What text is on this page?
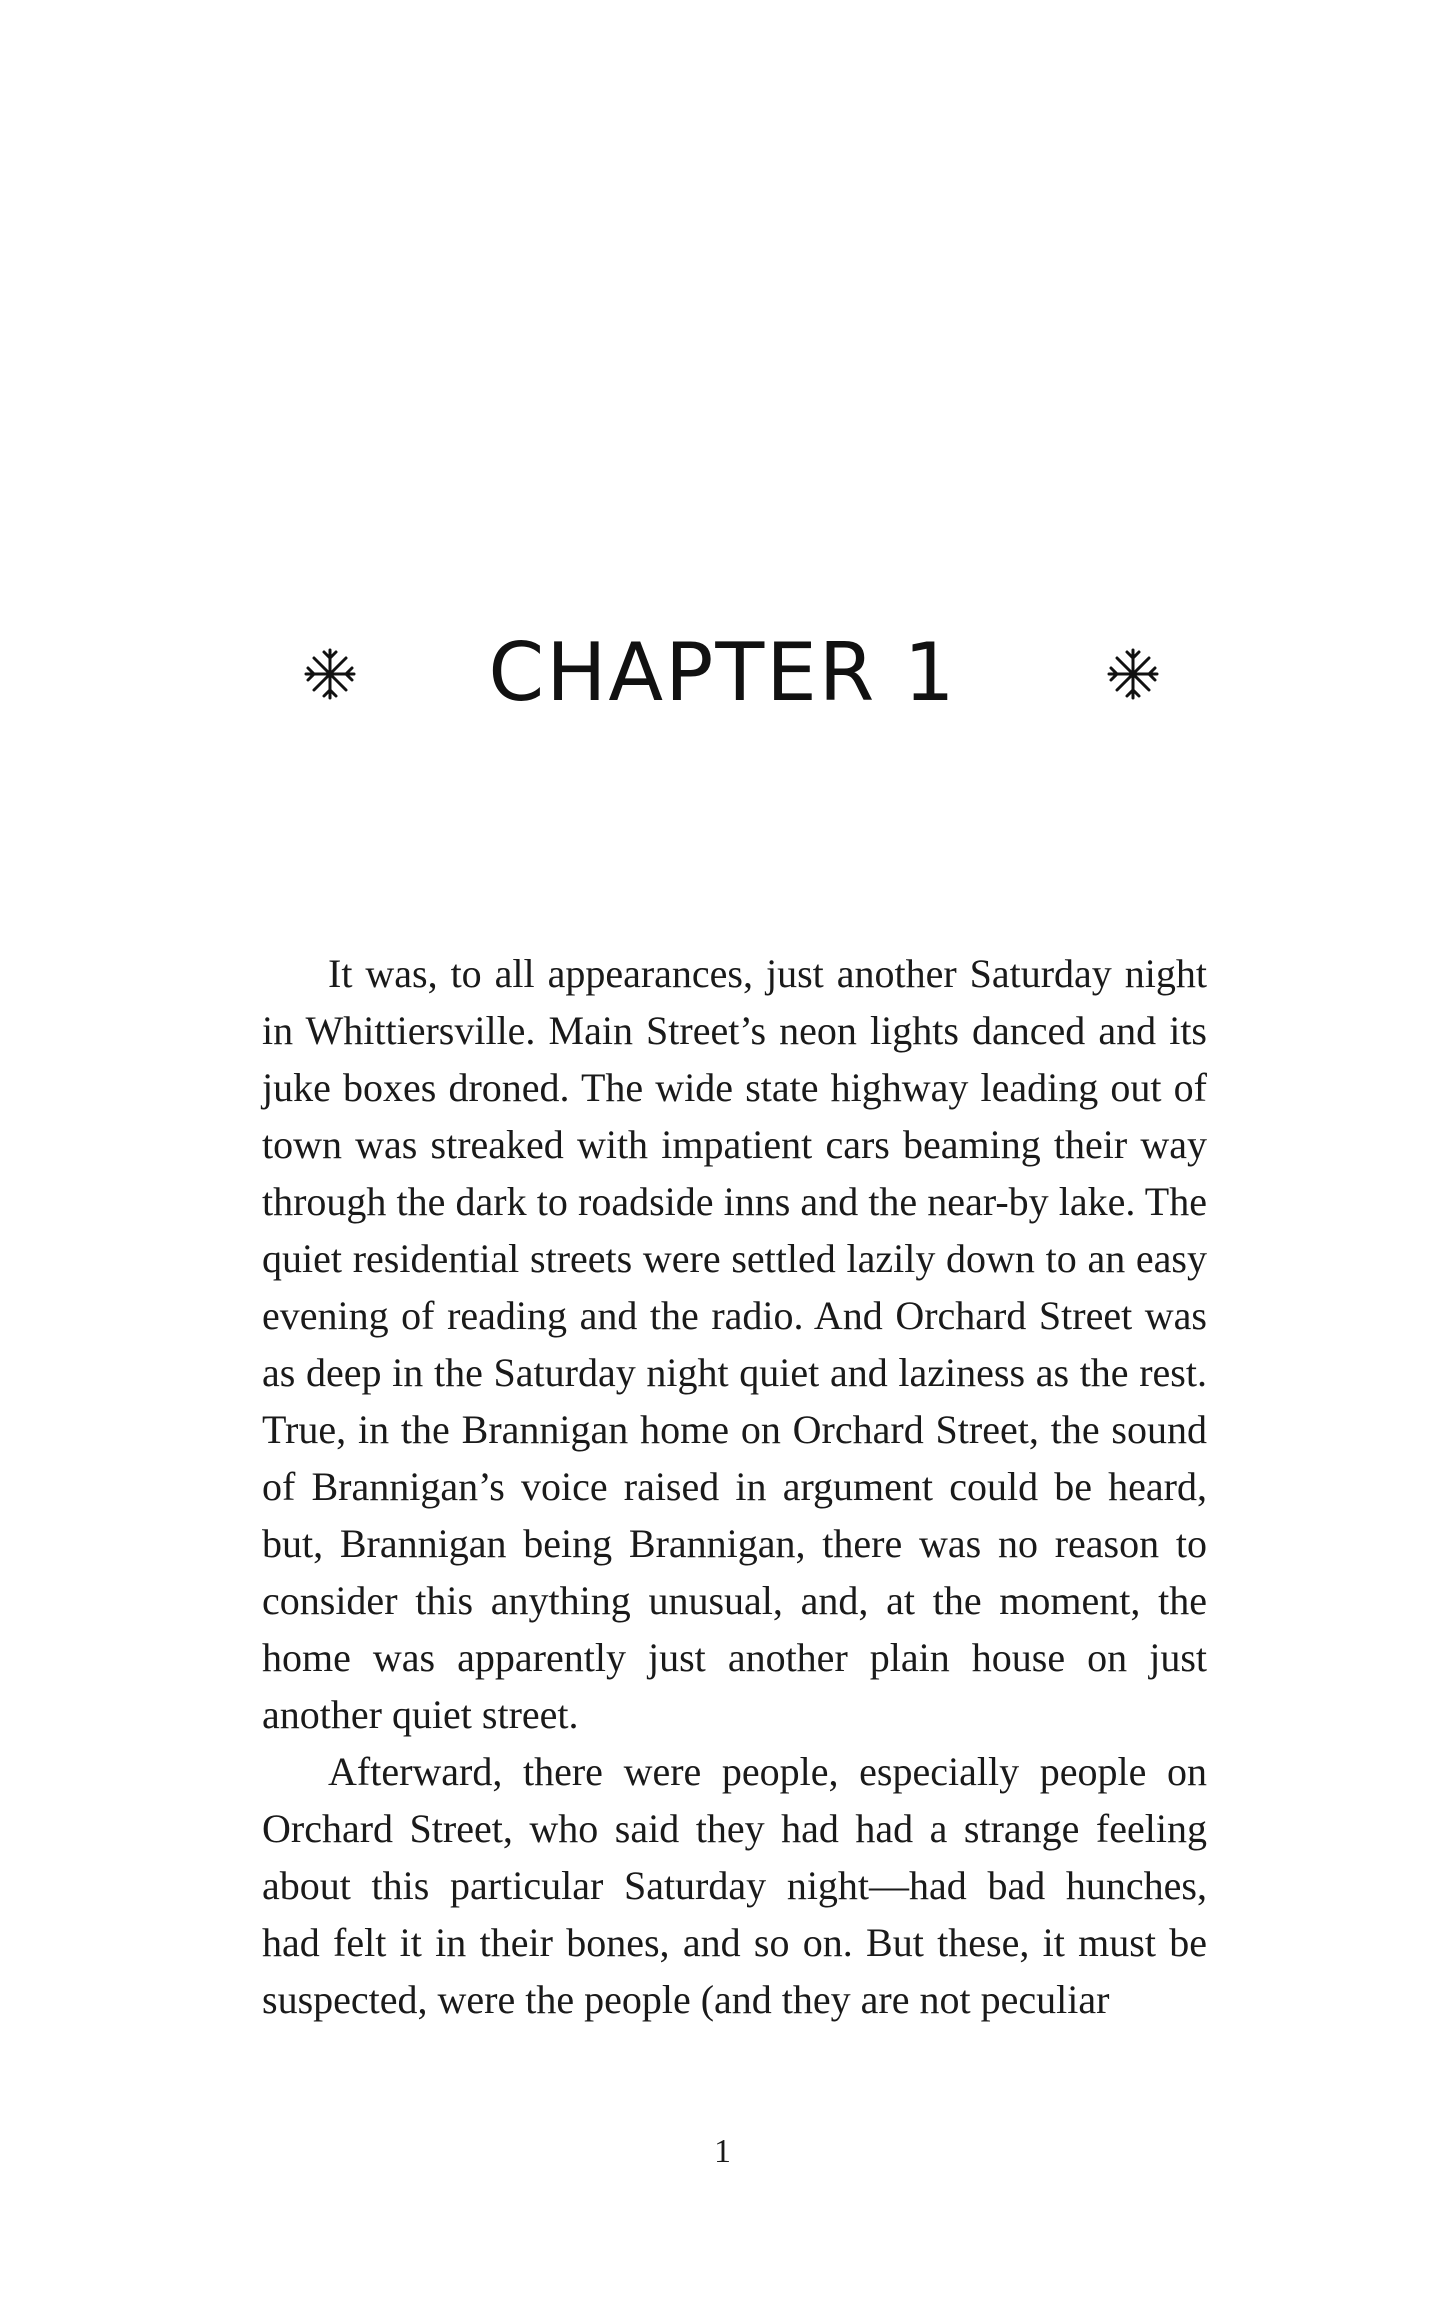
CHAPTER 1

It was, to all appearances, just another Saturday night in Whittiersville. Main Street’s neon lights danced and its juke boxes droned. The wide state highway leading out of town was streaked with impatient cars beaming their way through the dark to roadside inns and the near-by lake. The quiet residential streets were settled lazily down to an easy evening of reading and the radio. And Orchard Street was as deep in the Saturday night quiet and laziness as the rest. True, in the Brannigan home on Orchard Street, the sound of Brannigan’s voice raised in argument could be heard, but, Brannigan being Brannigan, there was no reason to consider this anything unusual, and, at the moment, the home was apparently just another plain house on just another quiet street.

Afterward, there were people, especially people on Orchard Street, who said they had had a strange feeling about this particular Saturday night—had bad hunches, had felt it in their bones, and so on. But these, it must be suspected, were the people (and they are not peculiar

1
